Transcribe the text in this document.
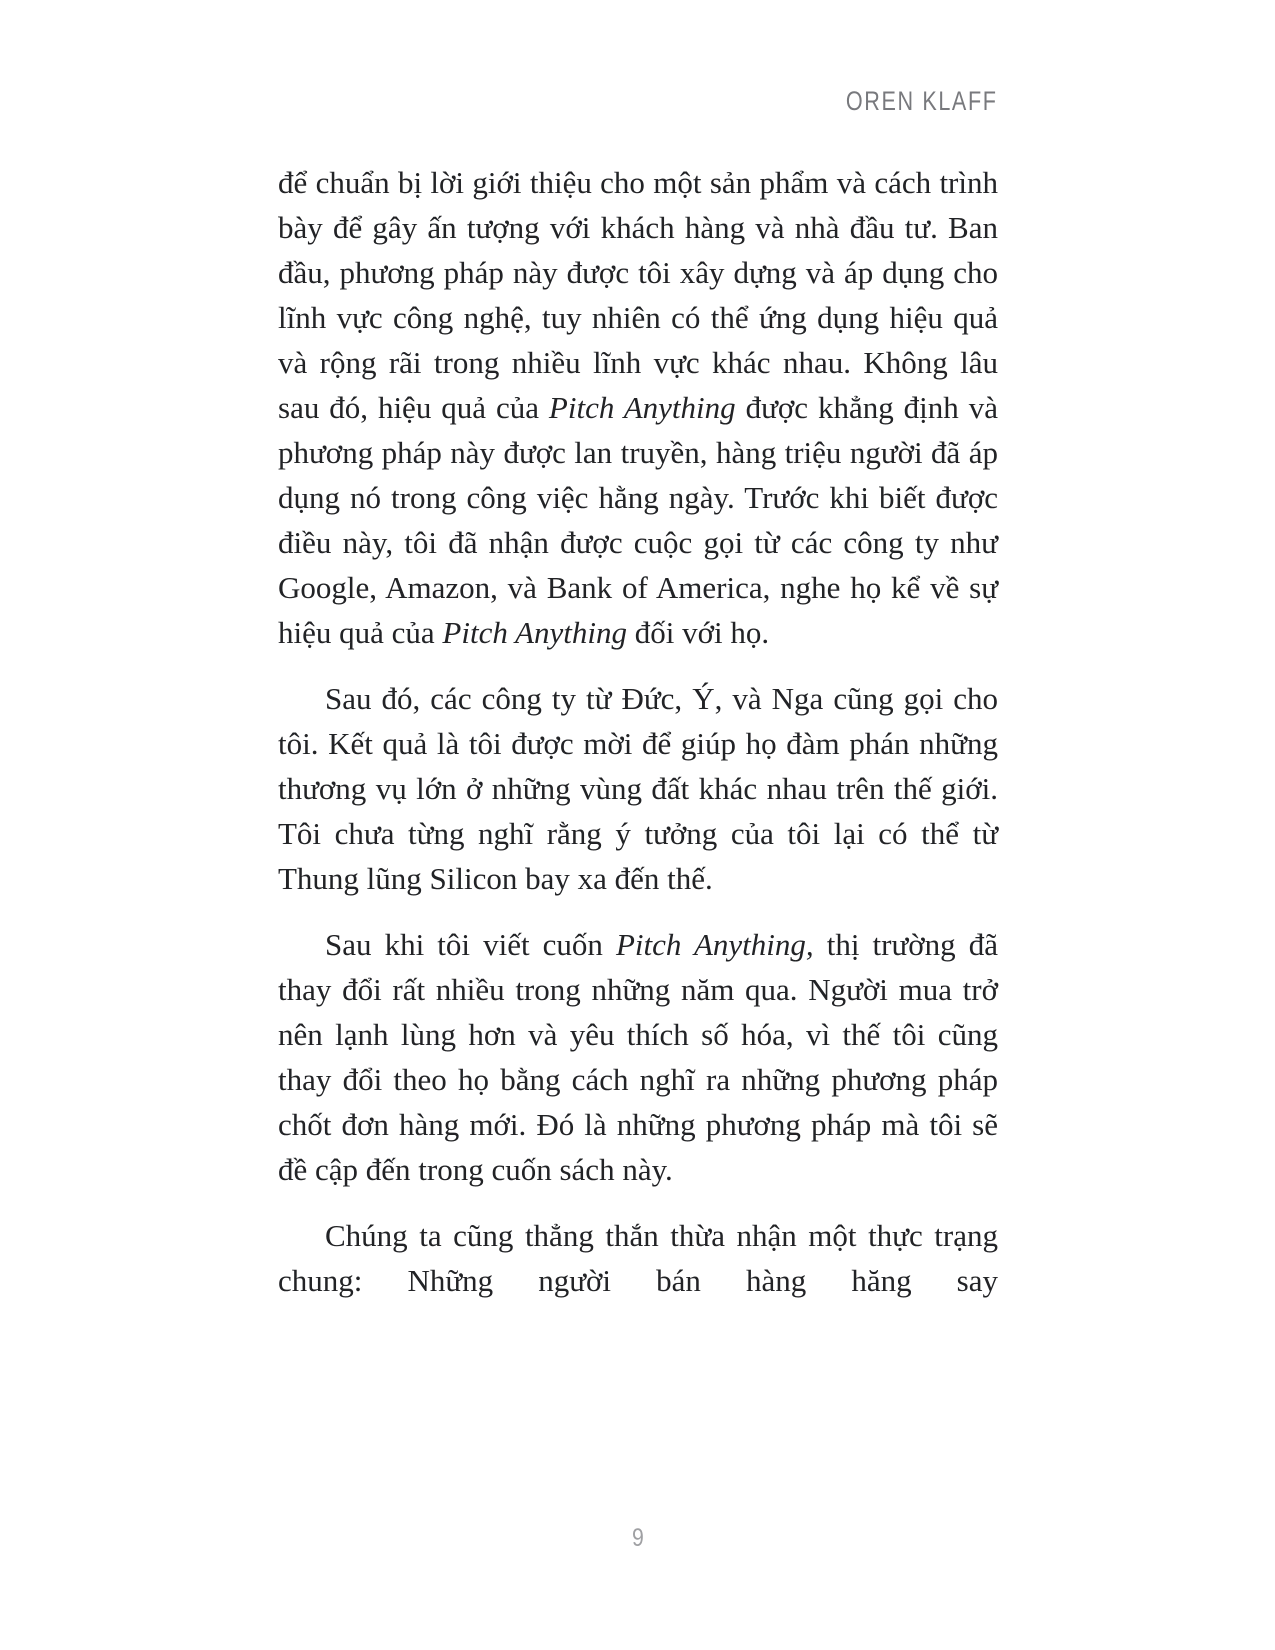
OREN KLAFF

để chuẩn bị lời giới thiệu cho một sản phẩm và cách trình bày để gây ấn tượng với khách hàng và nhà đầu tư. Ban đầu, phương pháp này được tôi xây dựng và áp dụng cho lĩnh vực công nghệ, tuy nhiên có thể ứng dụng hiệu quả và rộng rãi trong nhiều lĩnh vực khác nhau. Không lâu sau đó, hiệu quả của Pitch Anything được khẳng định và phương pháp này được lan truyền, hàng triệu người đã áp dụng nó trong công việc hằng ngày. Trước khi biết được điều này, tôi đã nhận được cuộc gọi từ các công ty như Google, Amazon, và Bank of America, nghe họ kể về sự hiệu quả của Pitch Anything đối với họ.

Sau đó, các công ty từ Đức, Ý, và Nga cũng gọi cho tôi. Kết quả là tôi được mời để giúp họ đàm phán những thương vụ lớn ở những vùng đất khác nhau trên thế giới. Tôi chưa từng nghĩ rằng ý tưởng của tôi lại có thể từ Thung lũng Silicon bay xa đến thế.

Sau khi tôi viết cuốn Pitch Anything, thị trường đã thay đổi rất nhiều trong những năm qua. Người mua trở nên lạnh lùng hơn và yêu thích số hóa, vì thế tôi cũng thay đổi theo họ bằng cách nghĩ ra những phương pháp chốt đơn hàng mới. Đó là những phương pháp mà tôi sẽ đề cập đến trong cuốn sách này.

Chúng ta cũng thẳng thắn thừa nhận một thực trạng chung: Những người bán hàng hăng say

9
